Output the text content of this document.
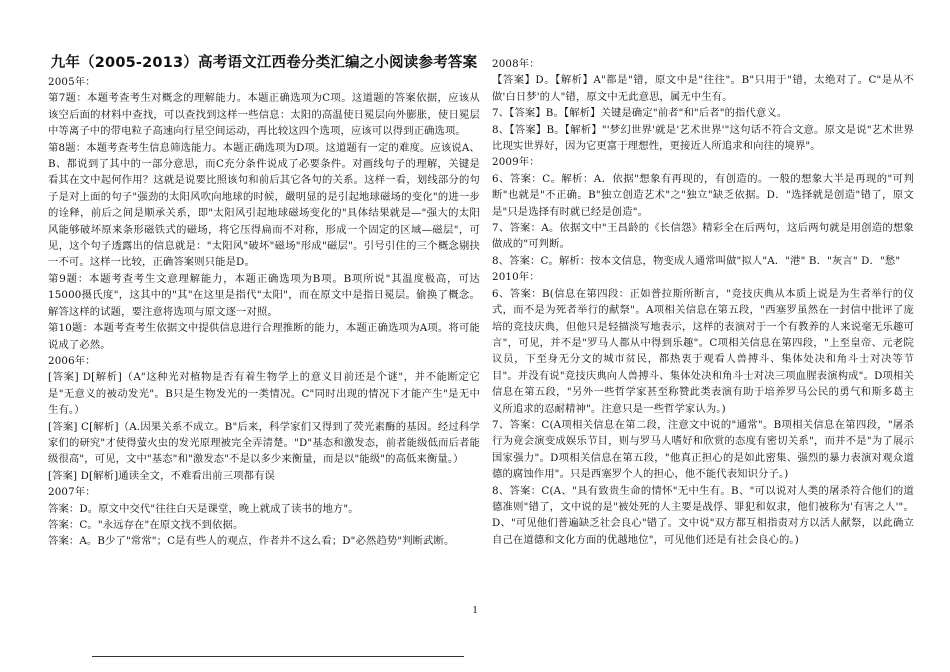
九年（2005-2013）高考语文江西卷分类汇编之小阅读参考答案

2005年：

第7题：本题考查考生对概念的理解能力。本题正确选项为C项。这道题的答案依据，应该从该空后面的材料中查找，可以查找到这样一些信息：太阳的高温使日冕层向外膨胀，使日冕层中等离子中的带电粒子高速向行星空间运动，再比较这四个选项，应该可以得到正确选项。

第8题：本题考查考生信息筛选能力。本题正确选项为D项。这道题有一定的难度。应该说A、B、都说到了其中的一部分意思，而C充分条件说成了必要条件。对画线句子的理解，关键是看其在文中起何作用？这就是说要比照该句和前后其它各句的关系。这样一看，划线部分的句子是对上面的句子"强劲的太阳风吹向地球的时候，嚴明显的是引起地球磁场的变化"的进一步的诠释，前后之间是顺承关系，即"太阳风引起地球磁场变化的"具体结果就是—"强大的太阳风能够破坏原来条形磁铁式的磁场，将它压得扁而不对称，形成一个固定的区域—磁层"，可见，这个句子透露出的信息就是："太阳风"破坏"磁场"形成"磁层"。引号引住的三个概念剔抉一不可。这样一比较，正确答案则只能是D。

第9题：本题考查考生文意理解能力，本题正确选项为B项。B项所说"其温度极高，可达15000摄氏度"，这其中的"其"在这里是指代"太阳"，而在原文中是指日冕层。偷换了概念。解答这样的试题，要注意将选项与原文逐一对照。

第10题：本题考查考生依据文中提供信息进行合理推断的能力，本题正确选项为A项。将可能说成了必然。

2006年：

[答案] D[解析]（A"这种光对植物是否有着生物学上的意义目前还是个谜"，并不能断定它是"无意义的被动发光"。B只是生物发光的一类情况。C"同时出现的情况下才能产生"是无中生有。）

[答案] C[解析]（A.因果关系不成立。B"后来，科学家们又得到了荧光素酶的基因。经过科学家们的研究"才使得萤火虫的发光原理被完全弄清楚。"D"基态和激发态，前者能级低而后者能级很高"，可见，文中"基态"和"激发态"不是以多少来衡量，而是以"能级"的高低来衡量。）

[答案] D[解析]通读全文，不难看出前三项都有误

2007年：

答案：D。原文中交代"往往白天是课堂，晚上就成了读书的地方"。

答案：C。"永远存在"在原文找不到依据。

答案：A。B少了"常常"；C是有些人的观点，作者并不这么看；D"必然趋势"判断武断。

2008年：

【答案】D。【解析】A"都是"错，原文中是"往往"。B"只用于"错，太绝对了。C"是从不做'白日梦'的人"错，原文中无此意思，属无中生有。

7、【答案】B。【解析】关键是确定"前者"和"后者"的指代意义。

8、【答案】B。【解析】"'梦幻世界'就是'艺术世界'"这句话不符合文意。原文是说"艺术世界比现实世界好，因为它更富于理想性，更接近人所追求和向往的境界"。

2009年：

6、答案：C。解析：A．依据"想象有再现的，有创造的。一般的想象大半是再现的"可判断"也就是"不正确。B"独立创造艺术"之"独立"缺乏依据。D．"选择就是创造"错了，原文是"只是选择有时就已经是创造"。

7、答案：A。依据文中"王昌龄的《长信怨》精彩全在后两句，这后两句就是用创造的想象做成的"可判断。

8、答案：C。解析：按本文信息，物变成人通常叫做"拟人"A．"港" B．"灰言" D．"愁"

2010年：

6、答案：B(信息在第四段：正如普拉斯所断言，"竞技庆典从本质上说是为生者举行的仪式，而不是为死者举行的献祭"。A项相关信息在第五段，"西塞罗虽然在一封信中批评了庞培的竞技庆典，但他只是轻描淡写地表示，这样的表演对于一个有教养的人来说毫无乐趣可言"，可见，并不是"罗马人都从中得到乐趣"。C项相关信息在第四段，"上至皇帝、元老院议员，下至身无分文的城市贫民，都热衷于观看人兽搏斗、集体处决和角斗士对决等节目"。并没有说"竞技庆典向人兽搏斗、集体处决和角斗士对决三项血腥表演构成"。D项相关信息在第五段，"另外一些哲学家甚至称赞此类表演有助于培养罗马公民的勇气和斯多葛主义所追求的忍耐精神"。注意只是一些哲学家认为。)

7、答案：C(A项相关信息在第二段，注意文中说的"通常"。B项相关信息在第四段，"屠杀行为竟会演变成娱乐节目，则与罗马人嗜好和欣赏的态度有密切关系"，而并不是"为了展示国家强力"。D项相关信息在第五段，"他真正担心的是如此密集、强烈的暴力表演对观众道德的腐蚀作用"。只是西塞罗个人的担心，他不能代表知识分子。)

8、答案：C(A、"具有致贵生命的情怀"无中生有。B、"可以说对人类的屠杀符合他们的道德准则"错了，文中说的是"被处死的人主要是战俘、罪犯和奴隶，他们被称为'有害之人'"。D、"可见他们普遍缺乏社会良心"错了。文中说"双方都互相指责对方以活人献祭，以此确立自己在道德和文化方面的优越地位"，可见他们还是有社会良心的。)

1
